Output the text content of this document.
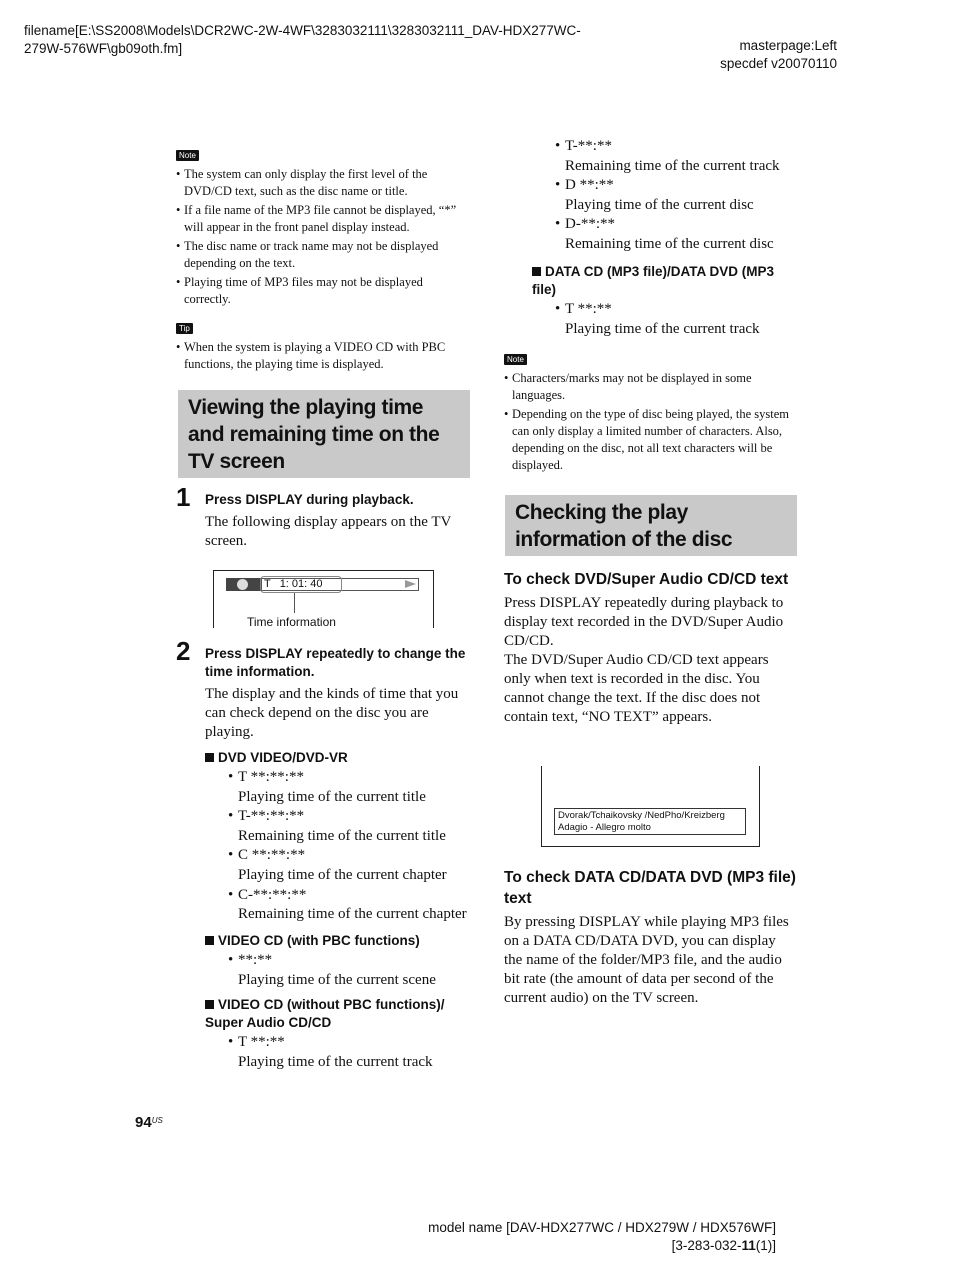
filename[E:\SS2008\Models\DCR2WC-2W-4WF\3283032111\3283032111_DAV-HDX277WC-
279W-576WF\gb09oth.fm]	masterpage:Left
specdef v20070110
Note
• The system can only display the first level of the DVD/CD text, such as the disc name or title.
• If a file name of the MP3 file cannot be displayed, “*” will appear in the front panel display instead.
• The disc name or track name may not be displayed depending on the text.
• Playing time of MP3 files may not be displayed correctly.
Tip
• When the system is playing a VIDEO CD with PBC functions, the playing time is displayed.
Viewing the playing time and remaining time on the TV screen
1 Press DISPLAY during playback.
The following display appears on the TV screen.
T   1: 01: 40
Time information
2 Press DISPLAY repeatedly to change the time information.
The display and the kinds of time that you can check depend on the disc you are playing.
DVD VIDEO/DVD-VR
• T **:**:**
Playing time of the current title
• T-**:**:**
Remaining time of the current title
• C **:**:**
Playing time of the current chapter
• C-**:**:**
Remaining time of the current chapter
VIDEO CD (with PBC functions)
• **:**
Playing time of the current scene
VIDEO CD (without PBC functions)/
Super Audio CD/CD
• T **:**
Playing time of the current track
• T-**:**
Remaining time of the current track
• D **:**
Playing time of the current disc
• D-**:**
Remaining time of the current disc
DATA CD (MP3 file)/DATA DVD (MP3
file)
• T **:**
Playing time of the current track
Note
• Characters/marks may not be displayed in some languages.
• Depending on the type of disc being played, the system can only display a limited number of characters. Also, depending on the disc, not all text characters will be displayed.
Checking the play information of the disc
To check DVD/Super Audio CD/CD text
Press DISPLAY repeatedly during playback to display text recorded in the DVD/Super Audio CD/CD.
The DVD/Super Audio CD/CD text appears only when text is recorded in the disc. You cannot change the text. If the disc does not contain text, “NO TEXT” appears.
Dvorak/Tchaikovsky /NedPho/Kreizberg
Adagio - Allegro molto
To check DATA CD/DATA DVD (MP3 file) text
By pressing DISPLAY while playing MP3 files on a DATA CD/DATA DVD, you can display the name of the folder/MP3 file, and the audio bit rate (the amount of data per second of the current audio) on the TV screen.
$94^{US}$
model name [DAV-HDX277WC / HDX279W / HDX576WF]
[3-283-032-11(1)]
